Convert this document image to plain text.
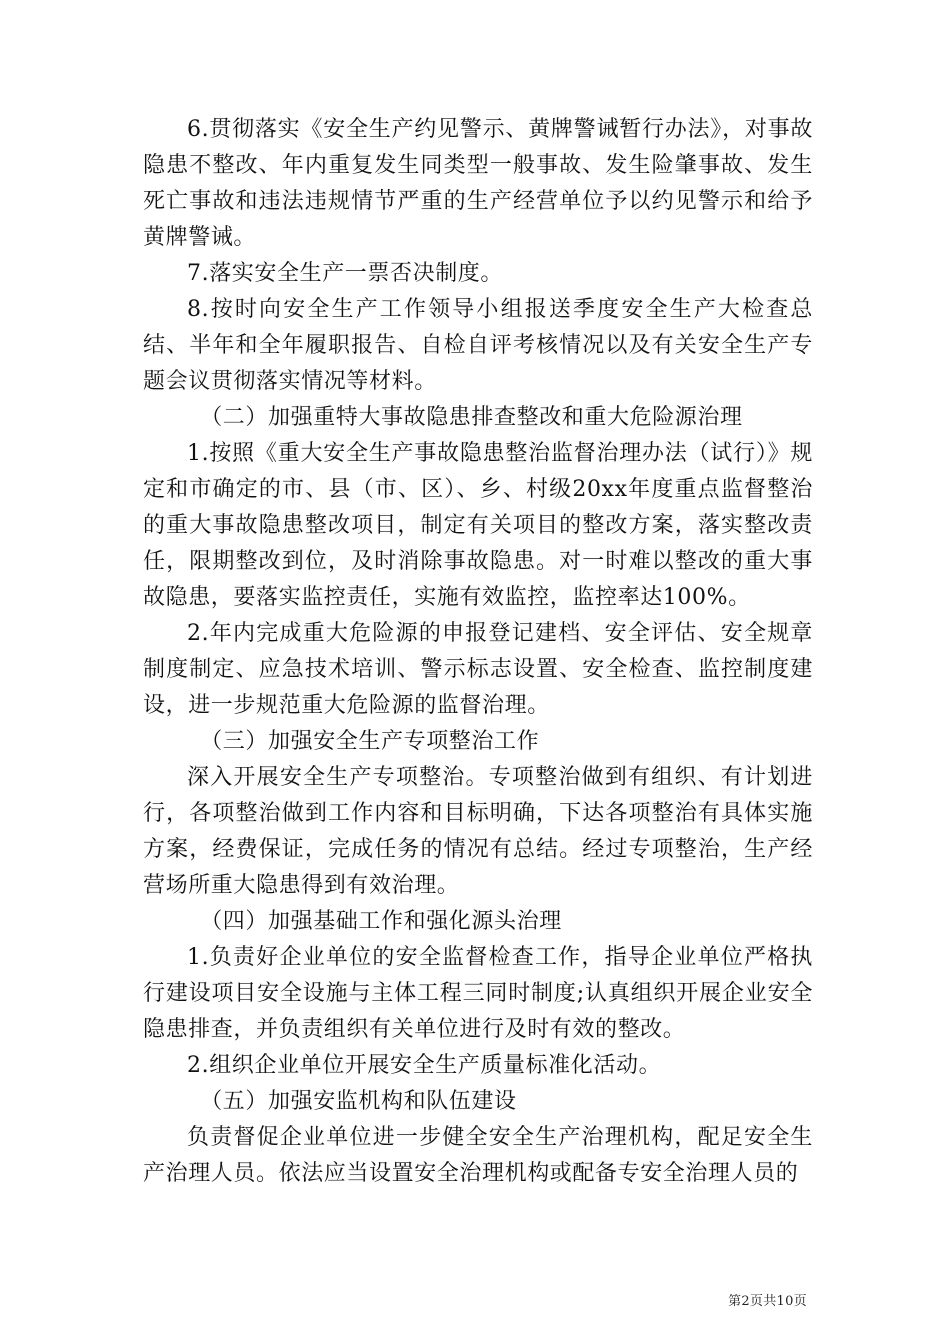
6.贯彻落实《安全生产约见警示、黄牌警诫暂行办法》，对事故隐患不整改、年内重复发生同类型一般事故、发生险肇事故、发生死亡事故和违法违规情节严重的生产经营单位予以约见警示和给予黄牌警诫。

7.落实安全生产一票否决制度。

8.按时向安全生产工作领导小组报送季度安全生产大检查总结、半年和全年履职报告、自检自评考核情况以及有关安全生产专题会议贯彻落实情况等材料。

（二）加强重特大事故隐患排查整改和重大危险源治理

1.按照《重大安全生产事故隐患整治监督治理办法（试行）》规定和市确定的市、县（市、区）、乡、村级20xx年度重点监督整治的重大事故隐患整改项目，制定有关项目的整改方案，落实整改责任，限期整改到位，及时消除事故隐患。对一时难以整改的重大事故隐患，要落实监控责任，实施有效监控，监控率达100%。

2.年内完成重大危险源的申报登记建档、安全评估、安全规章制度制定、应急技术培训、警示标志设置、安全检查、监控制度建设，进一步规范重大危险源的监督治理。

（三）加强安全生产专项整治工作

深入开展安全生产专项整治。专项整治做到有组织、有计划进行，各项整治做到工作内容和目标明确，下达各项整治有具体实施方案，经费保证，完成任务的情况有总结。经过专项整治，生产经营场所重大隐患得到有效治理。

（四）加强基础工作和强化源头治理

1.负责好企业单位的安全监督检查工作，指导企业单位严格执行建设项目安全设施与主体工程三同时制度;认真组织开展企业安全隐患排查，并负责组织有关单位进行及时有效的整改。

2.组织企业单位开展安全生产质量标准化活动。

（五）加强安监机构和队伍建设

负责督促企业单位进一步健全安全生产治理机构，配足安全生产治理人员。依法应当设置安全治理机构或配备专安全治理人员的

第2页共10页
